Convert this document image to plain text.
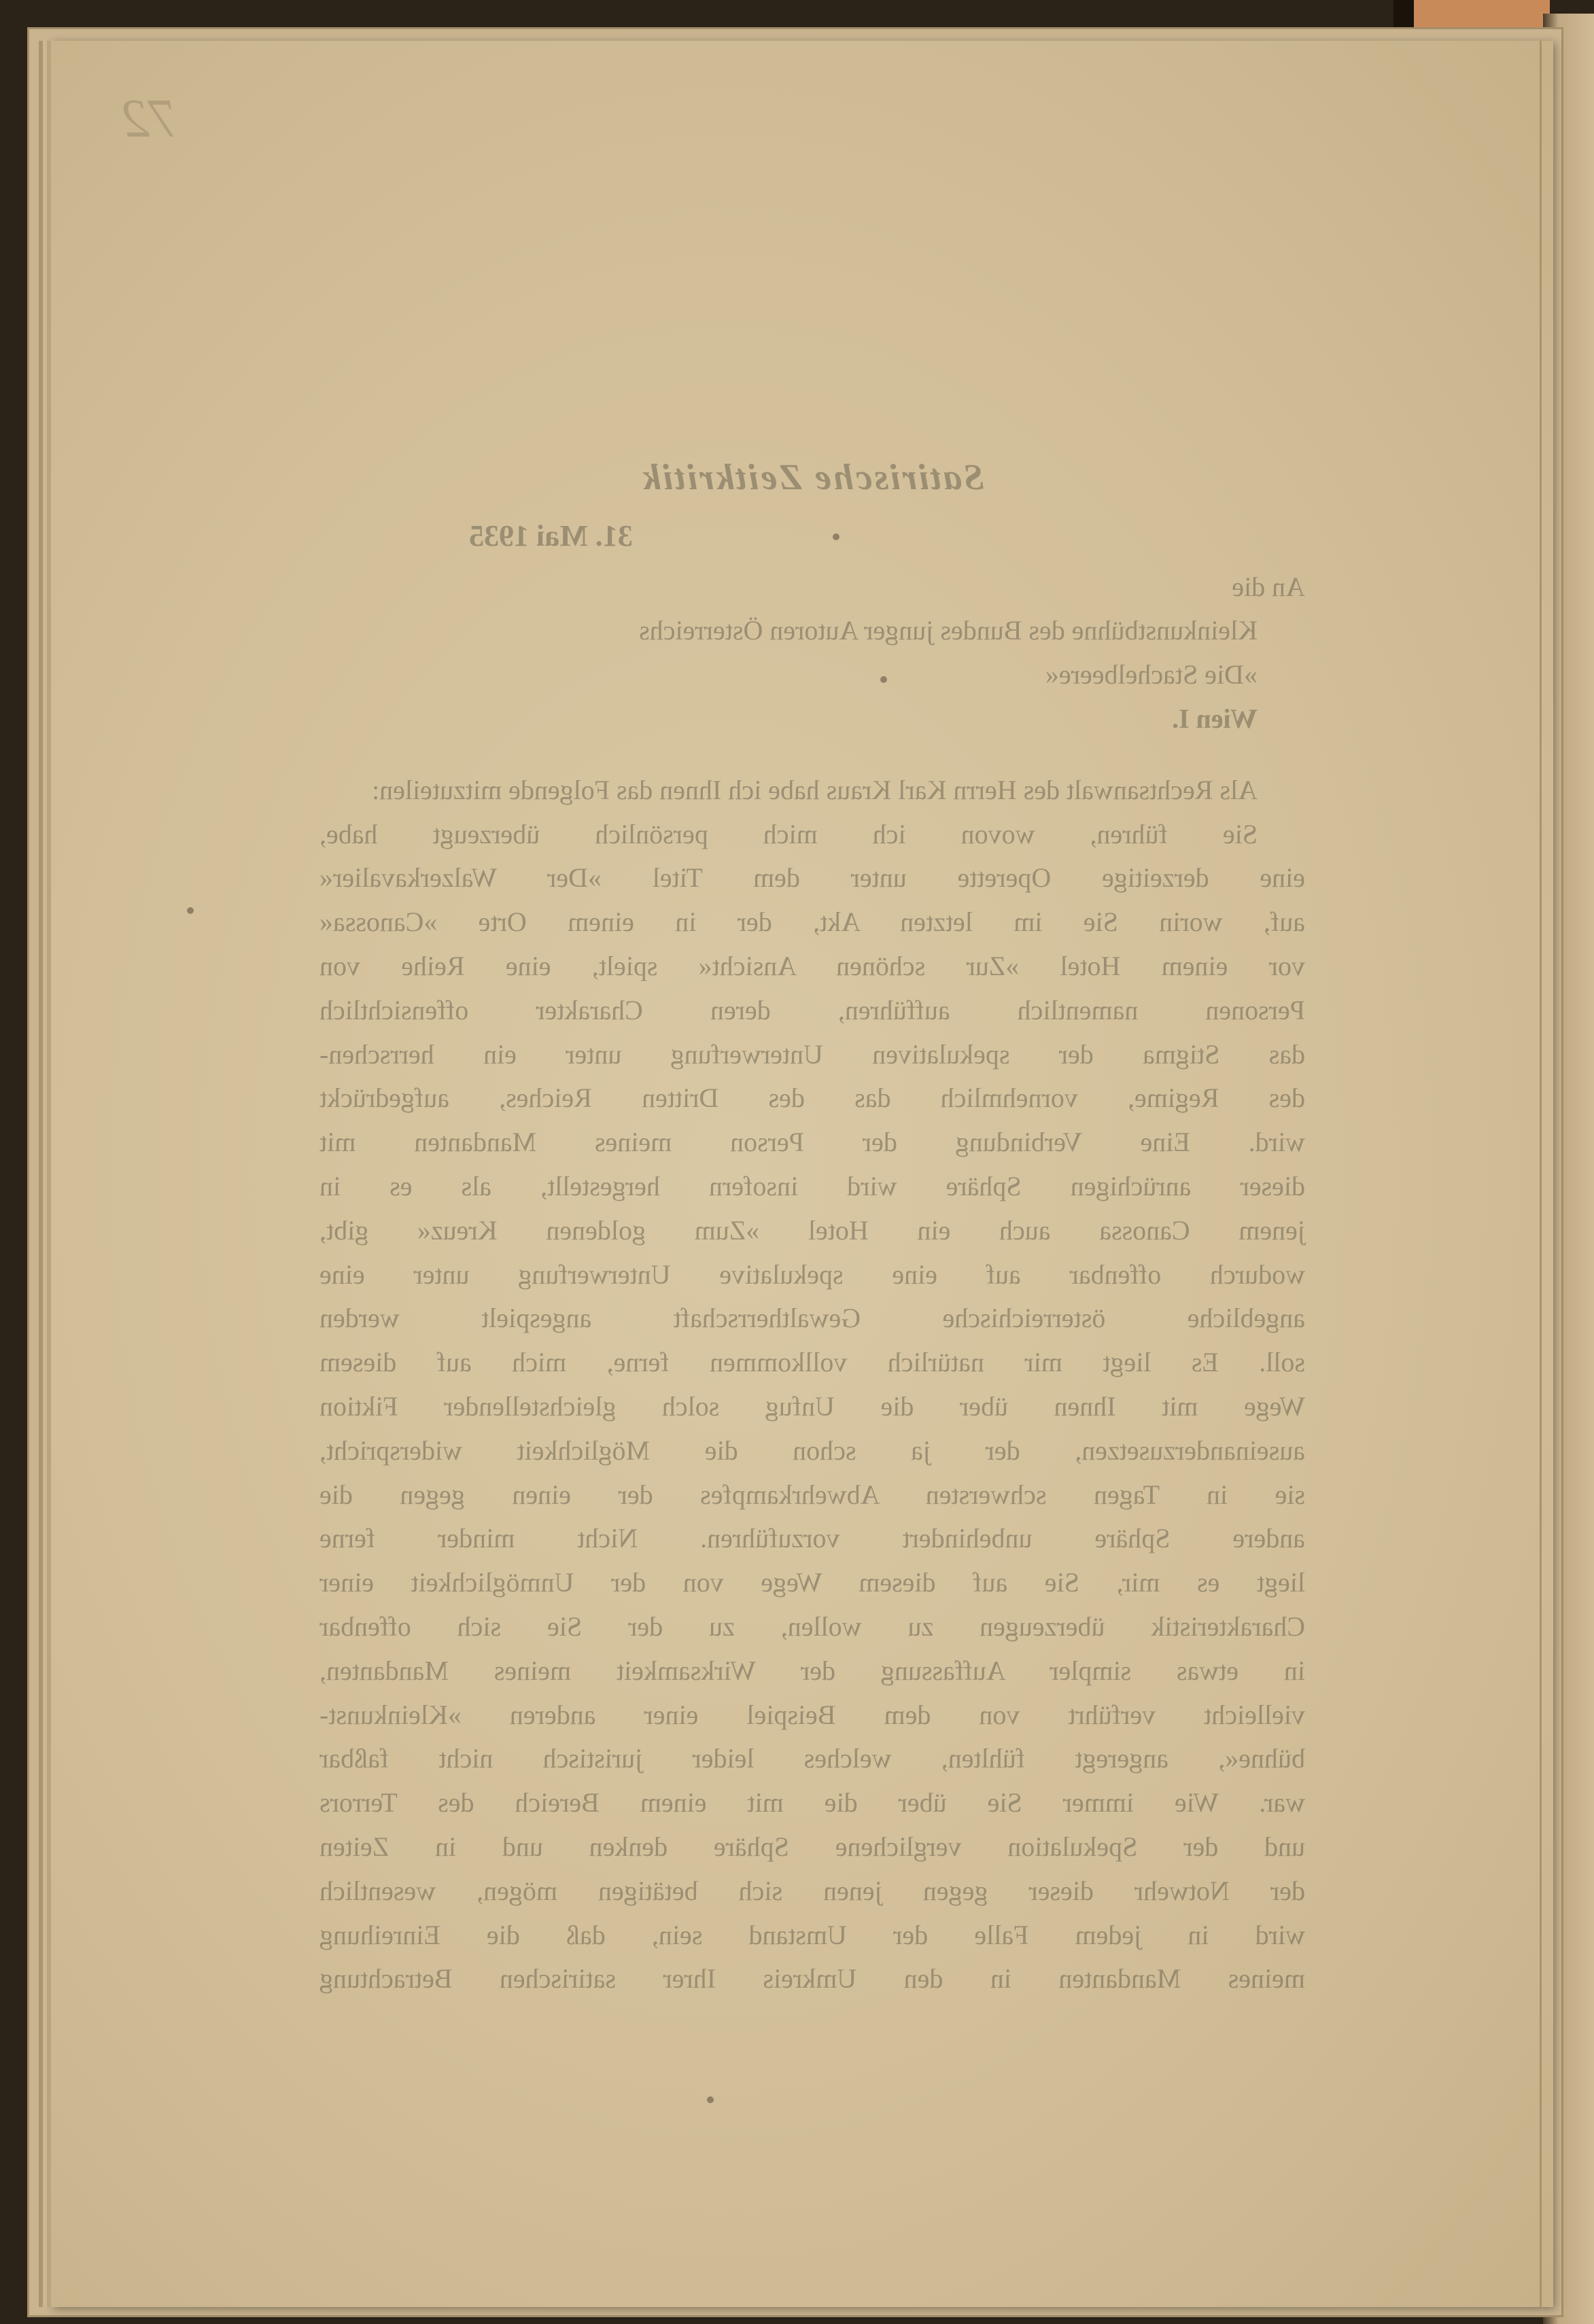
72
Satirische Zeitkritik
31. Mai 1935
An die
Kleinkunstbühne des Bundes junger Autoren Österreichs
»Die Stachelbeere«
Wien I.
Als Rechtsanwalt des Herrn Karl Kraus habe ich Ihnen das Folgende mitzuteilen:
Sie führen, wovon ich mich persönlich überzeugt habe,
eine derzeitige Operette unter dem Titel »Der Walzerkavalier«
auf, worin Sie im letzten Akt, der in einem Orte »Canossa«
vor einem Hotel »Zur schönen Ansicht« spielt, eine Reihe von
Personen namentlich aufführen, deren Charakter offensichtlich
das Stigma der spekulativen Unterwerfung unter ein herrschen-
des Regime, vornehmlich das des Dritten Reiches, aufgedrückt
wird. Eine Verbindung der Person meines Mandanten mit
dieser anrüchigen Sphäre wird insofern hergestellt, als es in
jenem Canossa auch ein Hotel »Zum goldenen Kreuz« gibt,
wodurch offenbar auf eine spekulative Unterwerfung unter eine
angebliche österreichische Gewaltherrschaft angespielt werden
soll. Es liegt mir natürlich vollkommen ferne, mich auf diesem
Wege mit Ihnen über die Unfug solch gleichstellender Fiktion
auseinanderzusetzen, der ja schon die Möglichkeit widerspricht,
sie in Tagen schwersten Abwehrkampfes der einen gegen die
andere Sphäre unbehindert vorzuführen. Nicht minder ferne
liegt es mir, Sie auf diesem Wege von der Unmöglichkeit einer
Charakteristik überzeugen zu wollen, zu der Sie sich offenbar
in etwas simpler Auffassung der Wirksamkeit meines Mandanten,
vielleicht verführt von dem Beispiel einer anderen »Kleinkunst-
bühne«, angeregt fühlten, welches leider juristisch nicht faßbar
war. Wie immer Sie über die mit einem Bereich des Terrors
und der Spekulation verglichene Sphäre denken und in Zeiten
der Notwehr dieser gegen jenen sich betätigen mögen, wesentlich
wird in jedem Falle der Umstand sein, daß die Einreihung
meines Mandanten in den Umkreis Ihrer satirischen Betrachtung
